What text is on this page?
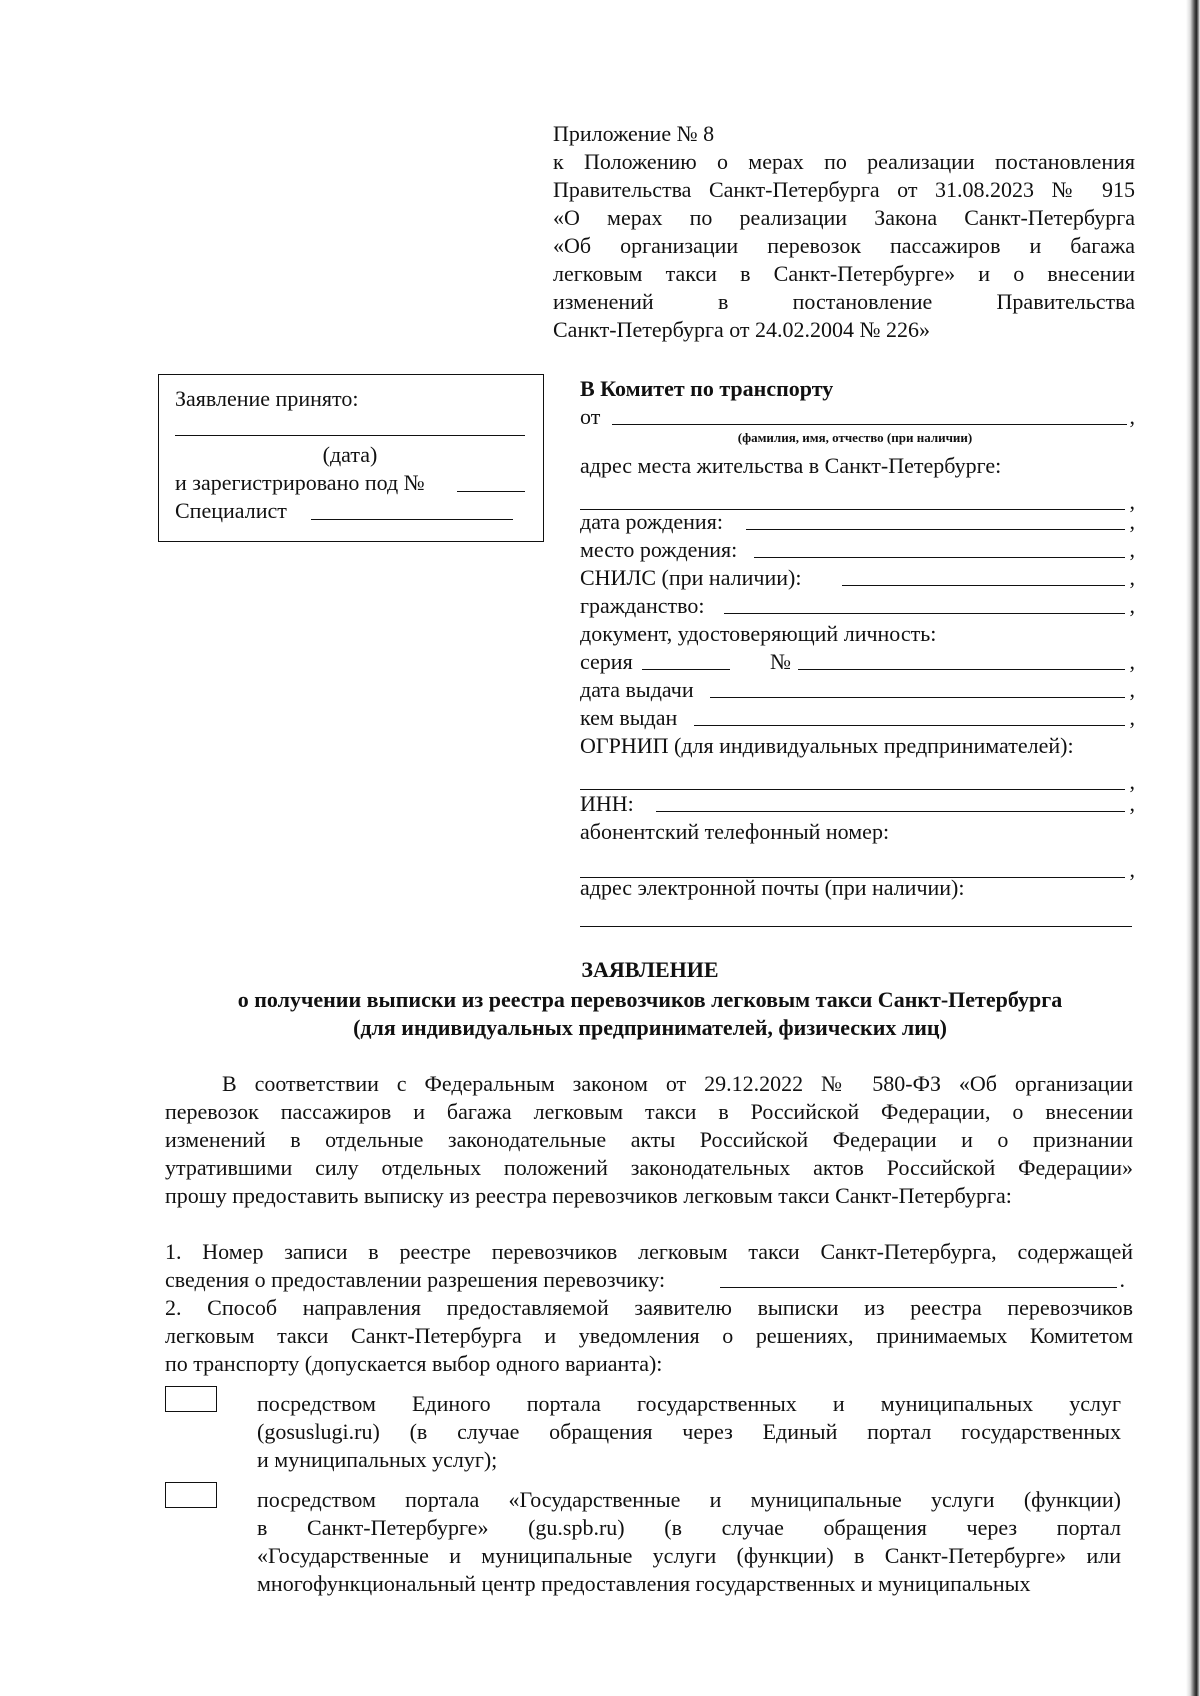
Приложение № 8
к Положению о мерах по реализации постановления
Правительства Санкт-Петербурга от 31.08.2023 № 915
«О мерах по реализации Закона Санкт-Петербурга
«Об организации перевозок пассажиров и багажа
легковым такси в Санкт-Петербурге» и о внесении
изменений в постановление Правительства
Санкт-Петербурга от 24.02.2004 № 226»
Заявление принято:
(дата)
и зарегистрировано под №
Специалист
В Комитет по транспорту
от	,
(фамилия, имя, отчество (при наличии)
адрес места жительства в Санкт-Петербурге:
,
дата рождения:	,
место рождения:	,
СНИЛС (при наличии):	,
гражданство:	,
документ, удостоверяющий личность:
серия	№	,
дата выдачи	,
кем выдан	,
ОГРНИП (для индивидуальных предпринимателей):
,
ИНН:	,
абонентский телефонный номер:
,
адрес электронной почты (при наличии):
ЗАЯВЛЕНИЕ
о получении выписки из реестра перевозчиков легковым такси Санкт-Петербурга
(для индивидуальных предпринимателей, физических лиц)
В соответствии с Федеральным законом от 29.12.2022 № 580-ФЗ «Об организации
перевозок пассажиров и багажа легковым такси в Российской Федерации, о внесении
изменений в отдельные законодательные акты Российской Федерации и о признании
утратившими силу отдельных положений законодательных актов Российской Федерации»
прошу предоставить выписку из реестра перевозчиков легковым такси Санкт-Петербурга:
1. Номер записи в реестре перевозчиков легковым такси Санкт-Петербурга, содержащей
сведения о предоставлении разрешения перевозчику:	.
2. Способ направления предоставляемой заявителю выписки из реестра перевозчиков
легковым такси Санкт-Петербурга и уведомления о решениях, принимаемых Комитетом
по транспорту (допускается выбор одного варианта):
посредством Единого портала государственных и муниципальных услуг
(gosuslugi.ru) (в случае обращения через Единый портал государственных
и муниципальных услуг);
посредством портала «Государственные и муниципальные услуги (функции)
в Санкт-Петербурге» (gu.spb.ru) (в случае обращения через портал
«Государственные и муниципальные услуги (функции) в Санкт-Петербурге» или
многофункциональный центр предоставления государственных и муниципальных
